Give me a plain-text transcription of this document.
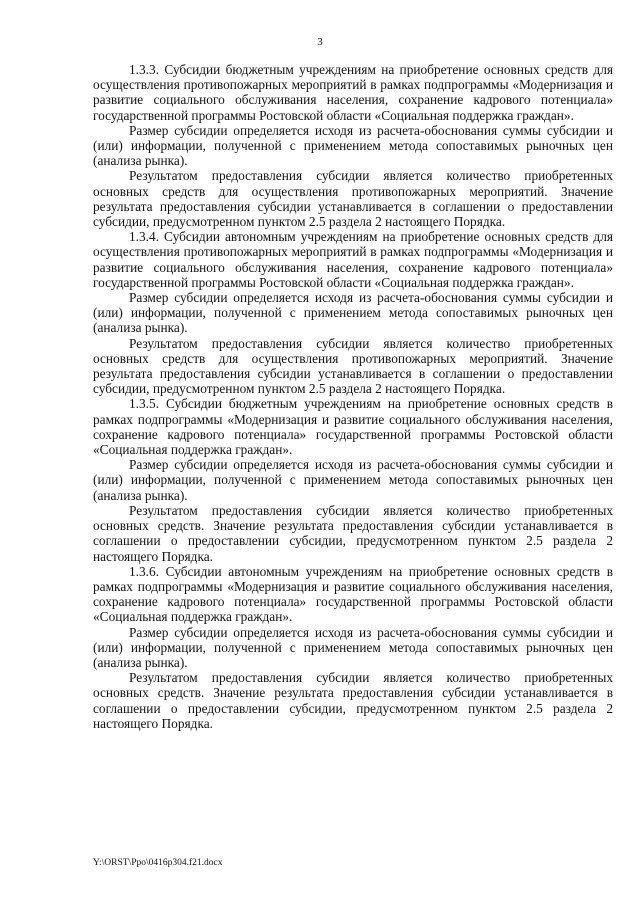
3

1.3.3. Субсидии бюджетным учреждениям на приобретение основных средств для осуществления противопожарных мероприятий в рамках подпрограммы «Модернизация и развитие социального обслуживания населения, сохранение кадрового потенциала» государственной программы Ростовской области «Социальная поддержка граждан».

Размер субсидии определяется исходя из расчета-обоснования суммы субсидии и (или) информации, полученной с применением метода сопоставимых рыночных цен (анализа рынка).

Результатом предоставления субсидии является количество приобретенных основных средств для осуществления противопожарных мероприятий. Значение результата предоставления субсидии устанавливается в соглашении о предоставлении субсидии, предусмотренном пунктом 2.5 раздела 2 настоящего Порядка.

1.3.4. Субсидии автономным учреждениям на приобретение основных средств для осуществления противопожарных мероприятий в рамках подпрограммы «Модернизация и развитие социального обслуживания населения, сохранение кадрового потенциала» государственной программы Ростовской области «Социальная поддержка граждан».

Размер субсидии определяется исходя из расчета-обоснования суммы субсидии и (или) информации, полученной с применением метода сопоставимых рыночных цен (анализа рынка).

Результатом предоставления субсидии является количество приобретенных основных средств для осуществления противопожарных мероприятий. Значение результата предоставления субсидии устанавливается в соглашении о предоставлении субсидии, предусмотренном пунктом 2.5 раздела 2 настоящего Порядка.

1.3.5. Субсидии бюджетным учреждениям на приобретение основных средств в рамках подпрограммы «Модернизация и развитие социального обслуживания населения, сохранение кадрового потенциала» государственной программы Ростовской области «Социальная поддержка граждан».

Размер субсидии определяется исходя из расчета-обоснования суммы субсидии и (или) информации, полученной с применением метода сопоставимых рыночных цен (анализа рынка).

Результатом предоставления субсидии является количество приобретенных основных средств. Значение результата предоставления субсидии устанавливается в соглашении о предоставлении субсидии, предусмотренном пунктом 2.5 раздела 2 настоящего Порядка.

1.3.6. Субсидии автономным учреждениям на приобретение основных средств в рамках подпрограммы «Модернизация и развитие социального обслуживания населения, сохранение кадрового потенциала» государственной программы Ростовской области «Социальная поддержка граждан».

Размер субсидии определяется исходя из расчета-обоснования суммы субсидии и (или) информации, полученной с применением метода сопоставимых рыночных цен (анализа рынка).

Результатом предоставления субсидии является количество приобретенных основных средств. Значение результата предоставления субсидии устанавливается в соглашении о предоставлении субсидии, предусмотренном пунктом 2.5 раздела 2 настоящего Порядка.

Y:\ORST\Ppo\0416p304.f21.docx
